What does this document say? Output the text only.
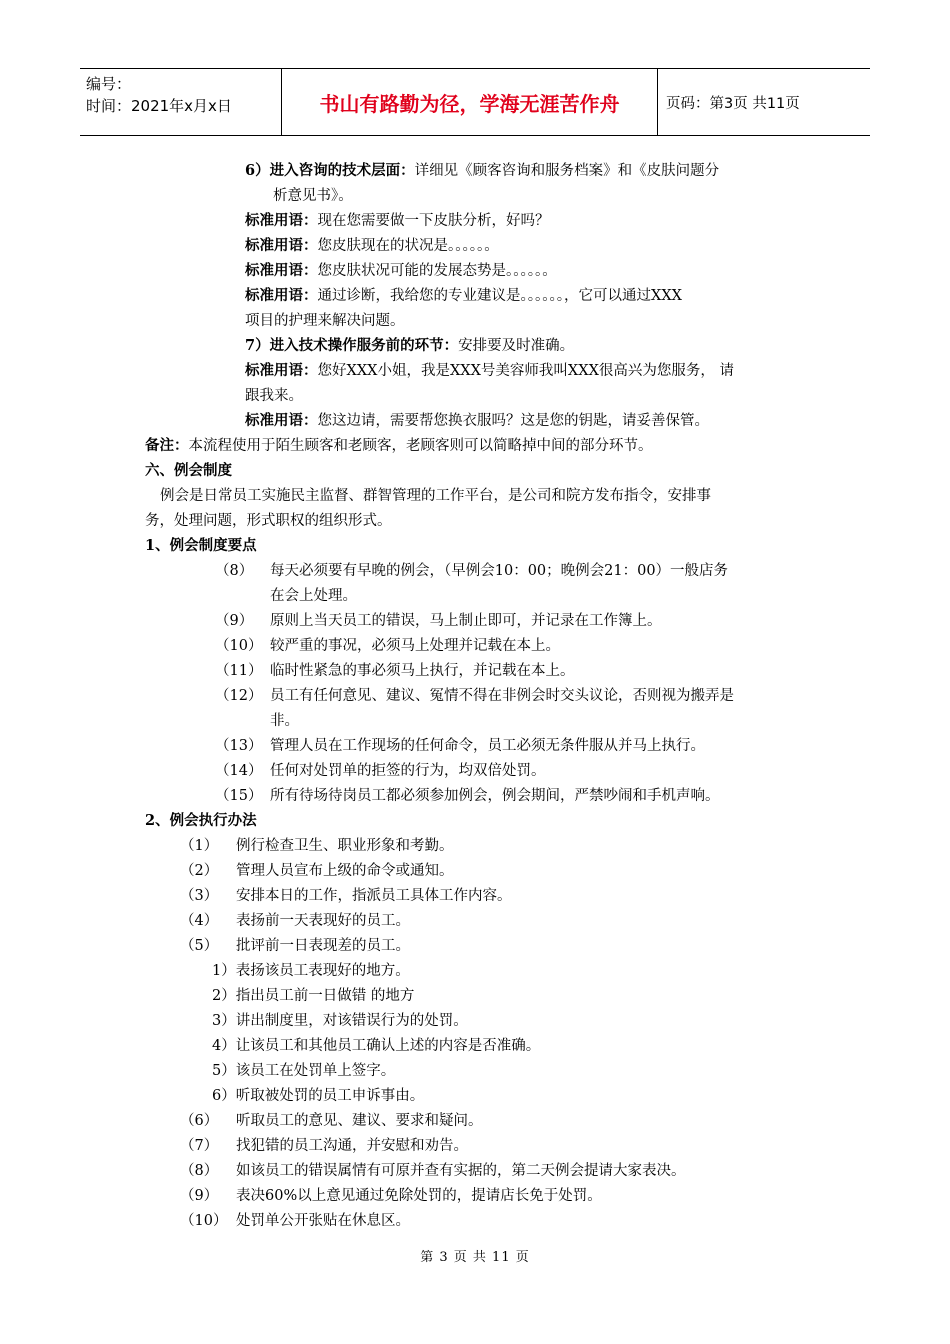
编号：
时间：2021年x月x日	书山有路勤为径，学海无涯苦作舟	页码：第3页 共11页
6）进入咨询的技术层面：详细见《顾客咨询和服务档案》和《皮肤问题分
析意见书》。
标准用语：现在您需要做一下皮肤分析，好吗？
标准用语：您皮肤现在的状况是。。。。。。
标准用语：您皮肤状况可能的发展态势是。。。。。。
标准用语：通过诊断，我给您的专业建议是。。。。。。，它可以通过XXX
项目的护理来解决问题。
7）进入技术操作服务前的环节：安排要及时准确。
标准用语：您好XXX小姐，我是XXX号美容师我叫XXX很高兴为您服务， 请
跟我来。
标准用语：您这边请，需要帮您换衣服吗？这是您的钥匙，请妥善保管。
备注：本流程使用于陌生顾客和老顾客，老顾客则可以简略掉中间的部分环节。
六、例会制度
例会是日常员工实施民主监督、群智管理的工作平台，是公司和院方发布指令，安排事
务，处理问题，形式职权的组织形式。
1、例会制度要点
（8） 每天必须要有早晚的例会，（早例会10：00；晚例会21：00）一般店务
在会上处理。
（9） 原则上当天员工的错误，马上制止即可，并记录在工作簿上。
（10） 较严重的事况，必须马上处理并记载在本上。
（11） 临时性紧急的事必须马上执行，并记载在本上。
（12） 员工有任何意见、建议、冤情不得在非例会时交头议论，否则视为搬弄是
非。
（13） 管理人员在工作现场的任何命令，员工必须无条件服从并马上执行。
（14） 任何对处罚单的拒签的行为，均双倍处罚。
（15） 所有待场待岗员工都必须参加例会，例会期间，严禁吵闹和手机声响。
2、例会执行办法
（1） 例行检查卫生、职业形象和考勤。
（2） 管理人员宣布上级的命令或通知。
（3） 安排本日的工作，指派员工具体工作内容。
（4） 表扬前一天表现好的员工。
（5） 批评前一日表现差的员工。
1）表扬该员工表现好的地方。
2）指出员工前一日做错 的地方
3）讲出制度里，对该错误行为的处罚。
4）让该员工和其他员工确认上述的内容是否准确。
5）该员工在处罚单上签字。
6）听取被处罚的员工申诉事由。
（6） 听取员工的意见、建议、要求和疑问。
（7） 找犯错的员工沟通，并安慰和劝告。
（8） 如该员工的错误属情有可原并查有实据的，第二天例会提请大家表决。
（9） 表决60%以上意见通过免除处罚的，提请店长免于处罚。
（10） 处罚单公开张贴在休息区。
第 3 页 共 11 页
